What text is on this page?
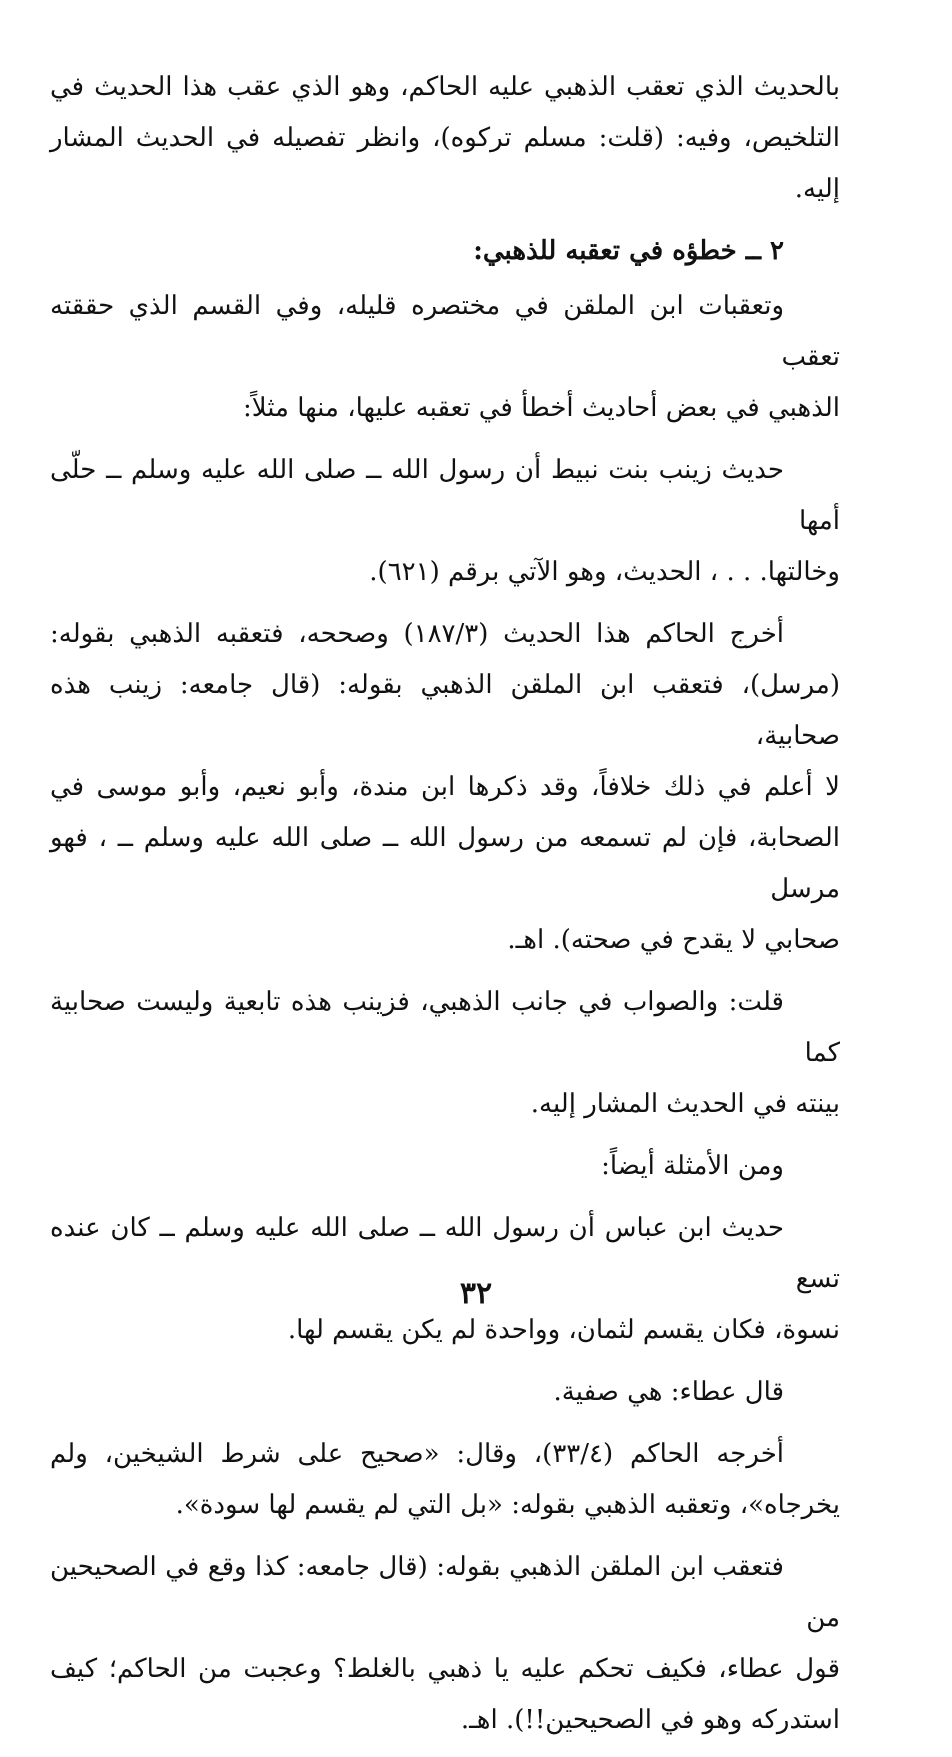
بالحديث الذي تعقب الذهبي عليه الحاكم، وهو الذي عقب هذا الحديث في
التلخيص، وفيه: (قلت: مسلم تركوه)، وانظر تفصيله في الحديث المشار إليه.
٢ ــ خطؤه في تعقبه للذهبي:
وتعقبات ابن الملقن في مختصره قليله، وفي القسم الذي حققته تعقب
الذهبي في بعض أحاديث أخطأ في تعقبه عليها، منها مثلاً:
حديث زينب بنت نبيط أن رسول الله ــ صلى الله عليه وسلم ــ حلّى أمها
وخالتها. . . ، الحديث، وهو الآتي برقم (٦٢١).
أخرج الحاكم هذا الحديث (١٨٧/٣) وصححه، فتعقبه الذهبي بقوله:
(مرسل)، فتعقب ابن الملقن الذهبي بقوله: (قال جامعه: زينب هذه صحابية،
لا أعلم في ذلك خلافاً، وقد ذكرها ابن مندة، وأبو نعيم، وأبو موسى في
الصحابة، فإن لم تسمعه من رسول الله ــ صلى الله عليه وسلم ــ ، فهو مرسل
صحابي لا يقدح في صحته). اهـ.
قلت: والصواب في جانب الذهبي، فزينب هذه تابعية وليست صحابية كما
بينته في الحديث المشار إليه.
ومن الأمثلة أيضاً:
حديث ابن عباس أن رسول الله ــ صلى الله عليه وسلم ــ كان عنده تسع
نسوة، فكان يقسم لثمان، وواحدة لم يكن يقسم لها.
قال عطاء: هي صفية.
أخرجه الحاكم (٣٣/٤)، وقال: «صحيح على شرط الشيخين، ولم
يخرجاه»، وتعقبه الذهبي بقوله: «بل التي لم يقسم لها سودة».
فتعقب ابن الملقن الذهبي بقوله: (قال جامعه: كذا وقع في الصحيحين من
قول عطاء، فكيف تحكم عليه يا ذهبي بالغلط؟ وعجبت من الحاكم؛ كيف
استدركه وهو في الصحيحين!!). اهـ.
٣٢
